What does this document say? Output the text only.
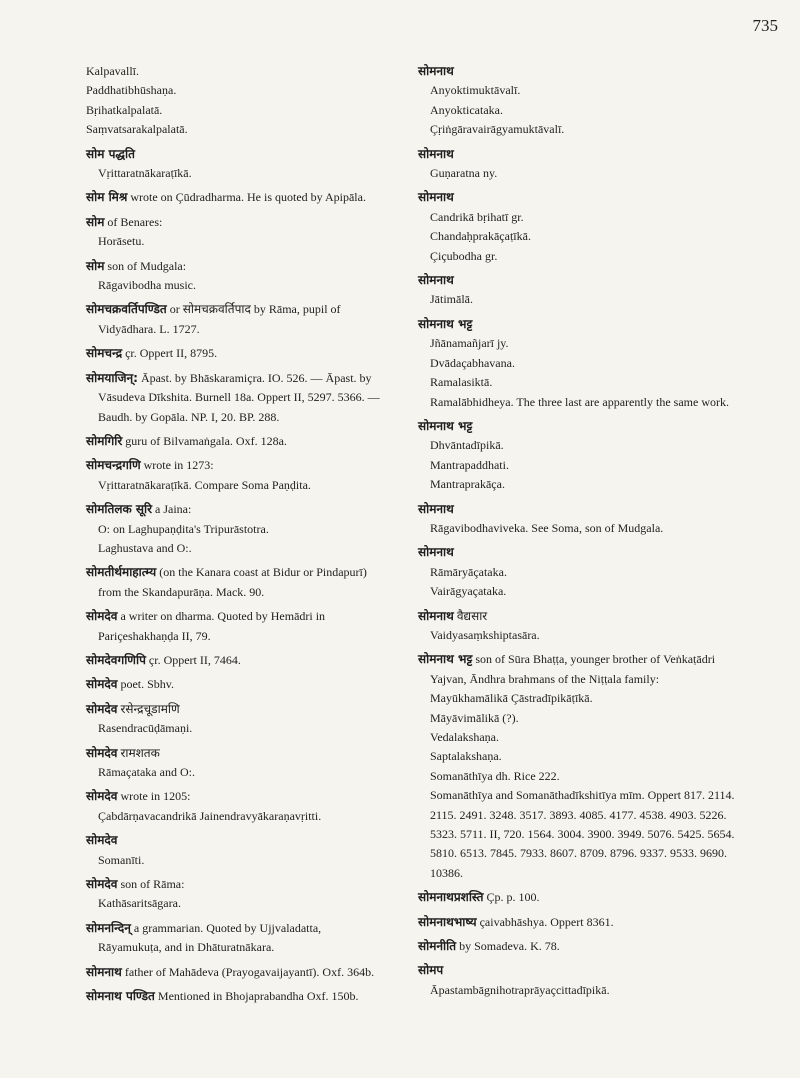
735

Kalpavallī.

Paddhatibhūshaṇa.

Bṛihatkalpalatā.

Saṃvatsarakalpalatā.

सोम पद्धति

Vṛittaratnākaraṭīkā.

सोम मिश्र wrote on Çūdradharma. He is quoted by Apipāla.

सोम of Benares:

Horāsetu.

सोम son of Mudgala:

Rāgavibodha music.

सोमचक्रवर्तिपण्डित or सोमचक्रवर्तिपाद by Rāma, pupil of Vidyādhara. L. 1727.

सोमचन्द्र çr. Oppert II, 8795.

सोमयाजिन्: Āpast. by Bhāskaramiçra. IO. 526. — Āpast. by Vāsudeva Dīkshita. Burnell 18a. Oppert II, 5297. 5366. — Baudh. by Gopāla. NP. I, 20. BP. 288.

सोमगिरि guru of Bilvamaṅgala. Oxf. 128a.

सोमचन्द्रगणि wrote in 1273:

Vṛittaratnākaraṭīkā. Compare Soma Paṇḍita.

सोमतिलक सूरि a Jaina:

O: on Laghupaṇḍita's Tripurāstotra.

Laghustava and O:.

सोमतीर्थमाहात्म्य (on the Kanara coast at Bidur or Pindapurī) from the Skandapurāṇa. Mack. 90.

सोमदेव a writer on dharma. Quoted by Hemādri in Pariçeshakhaṇḍa II, 79.

सोमदेवगणिपि çr. Oppert II, 7464.

सोमदेव poet. Sbhv.

सोमदेव रसेन्द्रचूडामणि

Rasendracūḍāmaṇi.

सोमदेव रामशतक

Rāmaçataka and O:.

सोमदेव wrote in 1205:

Çabdārṇavacandrikā Jainendravyākaraṇavṛitti.

सोमदेव

Somanīti.

सोमदेव son of Rāma:

Kathāsaritsāgara.

सोमनन्दिन् a grammarian. Quoted by Ujjvaladatta, Rāyamukuṭa, and in Dhāturatnākara.

सोमनाथ father of Mahādeva (Prayogavaijayantī). Oxf. 364b.

सोमनाथ पण्डित Mentioned in Bhojaprabandha Oxf. 150b.

सोमनाथ

Anyoktimuktāvalī.

Anyokticataka.

Çṛiṅgāravairāgyamuktāvalī.

सोमनाथ

Guṇaratna ny.

सोमनाथ

Candrikā bṛihatī gr.

Chandaḥprakāçaṭīkā.

Çiçubodha gr.

सोमनाथ

Jātimālā.

सोमनाथ भट्ट

Jñānamañjarī jy.

Dvādaçabhavana.

Ramalasiktā.

Ramalābhidheya. The three last are apparently the same work.

सोमनाथ भट्ट

Dhvāntadīpikā.

Mantrapaddhati.

Mantraprakāça.

सोमनाथ

Rāgavibodhaviveka. See Soma, son of Mudgala.

सोमनाथ

Rāmāryāçataka.

Vairāgyaçataka.

सोमनाथ वैद्यसार

Vaidyasaṃkshiptasāra.

सोमनाथ भट्ट son of Sūra Bhaṭṭa, younger brother of Veṅkaṭādri Yajvan, Āndhra brahmans of the Niṭṭala family:

Mayūkhamālikā Çāstradīpikāṭīkā.

Māyāvimālikā (?).

Vedalakshaṇa.

Saptalakshaṇa.

Somanāthīya dh. Rice 222.

Somanāthīya and Somanāthadīkshitīya mīm. Oppert 817. 2114. 2115. 2491. 3248. 3517. 3893. 4085. 4177. 4538. 4903. 5226. 5323. 5711. II, 720. 1564. 3004. 3900. 3949. 5076. 5425. 5654. 5810. 6513. 7845. 7933. 8607. 8709. 8796. 9337. 9533. 9690. 10386.

सोमनाथप्रशस्ति Çp. p. 100.

सोमनाथभाष्य çaivabhāshya. Oppert 8361.

सोमनीति by Somadeva. K. 78.

सोमप

Āpastambāgnihotraprāyaçcittadīpikā.
